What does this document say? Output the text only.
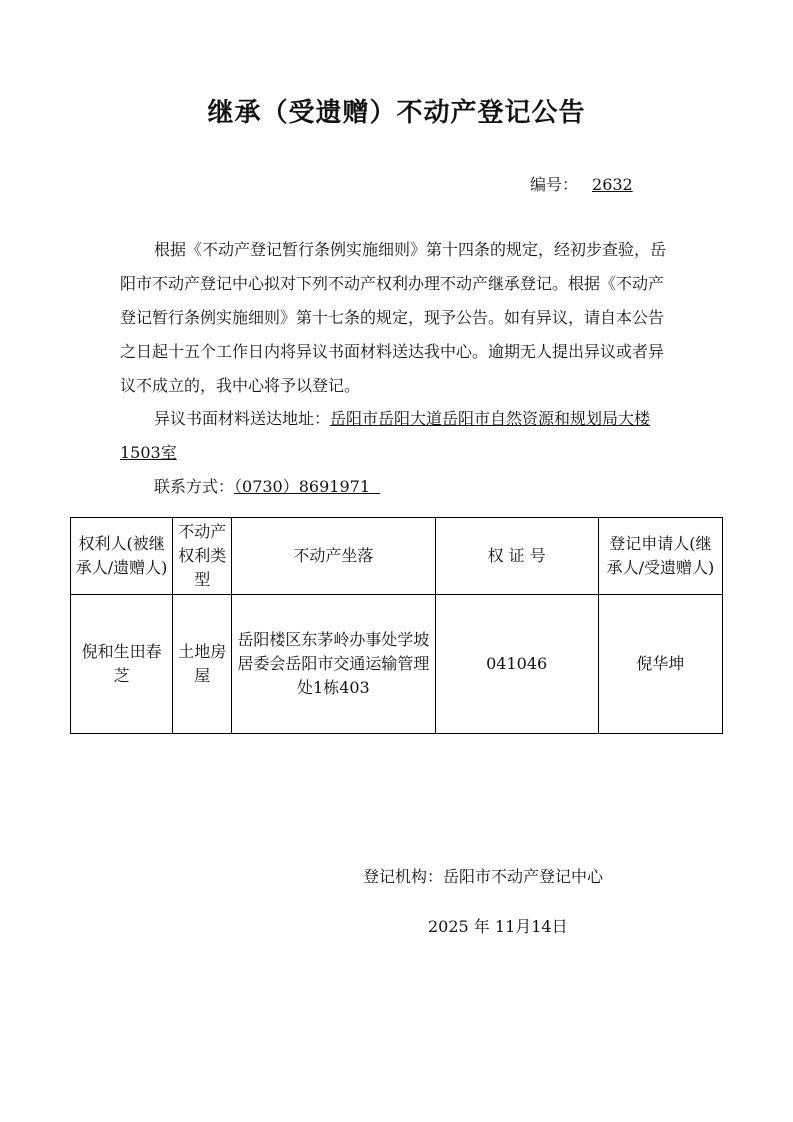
继承（受遗赠）不动产登记公告
编号： 2632
根据《不动产登记暂行条例实施细则》第十四条的规定，经初步查验，岳阳市不动产登记中心拟对下列不动产权利办理不动产继承登记。根据《不动产登记暂行条例实施细则》第十七条的规定，现予公告。如有异议，请自本公告之日起十五个工作日内将异议书面材料送达我中心。逾期无人提出异议或者异议不成立的，我中心将予以登记。
异议书面材料送达地址：岳阳市岳阳大道岳阳市自然资源和规划局大楼1503室
联系方式：（0730）8691971
权利人(被继承人/遗赠人)	不动产权利类型	不动产坐落	权 证 号	登记申请人(继承人/受遗赠人)
倪和生田春芝	土地房屋	岳阳楼区东茅岭办事处学坡居委会岳阳市交通运输管理处1栋403	041046	倪华坤
登记机构：岳阳市不动产登记中心
2025 年 11月14日
